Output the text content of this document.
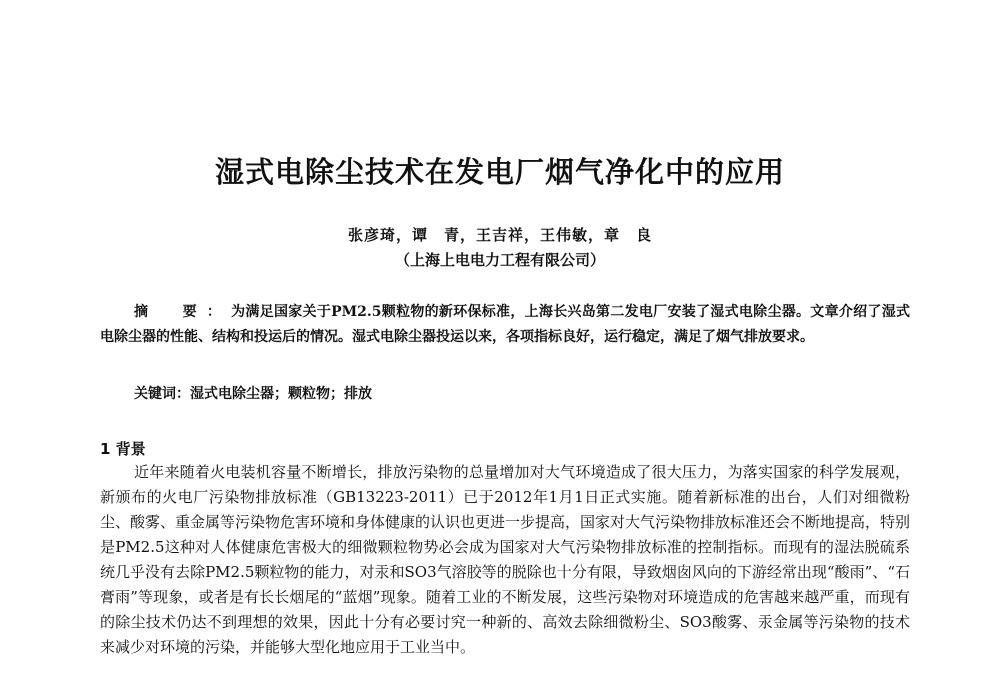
湿式电除尘技术在发电厂烟气净化中的应用
张彦琦，谭　青，王吉祥，王伟敏，章　良
（上海上电电力工程有限公司）
摘　要：为满足国家关于PM2.5颗粒物的新环保标准，上海长兴岛第二发电厂安装了湿式电除尘器。文章介绍了湿式电除尘器的性能、结构和投运后的情况。湿式电除尘器投运以来，各项指标良好，运行稳定，满足了烟气排放要求。
关键词：湿式电除尘器；颗粒物；排放
1 背景
近年来随着火电装机容量不断增长，排放污染物的总量增加对大气环境造成了很大压力，为落实国家的科学发展观，新颁布的火电厂污染物排放标准（GB13223-2011）已于2012年1月1日正式实施。随着新标准的出台，人们对细微粉尘、酸雾、重金属等污染物危害环境和身体健康的认识也更进一步提高，国家对大气污染物排放标准还会不断地提高，特别是PM2.5这种对人体健康危害极大的细微颗粒物势必会成为国家对大气污染物排放标准的控制指标。而现有的湿法脱硫系统几乎没有去除PM2.5颗粒物的能力，对汞和SO3气溶胶等的脱除也十分有限，导致烟囱风向的下游经常出现“酸雨”、“石膏雨”等现象，或者是有长长烟尾的“蓝烟”现象。随着工业的不断发展，这些污染物对环境造成的危害越来越严重，而现有的除尘技术仍达不到理想的效果，因此十分有必要讨究一种新的、高效去除细微粉尘、SO3酸雾、汞金属等污染物的技术来减少对环境的污染，并能够大型化地应用于工业当中。
